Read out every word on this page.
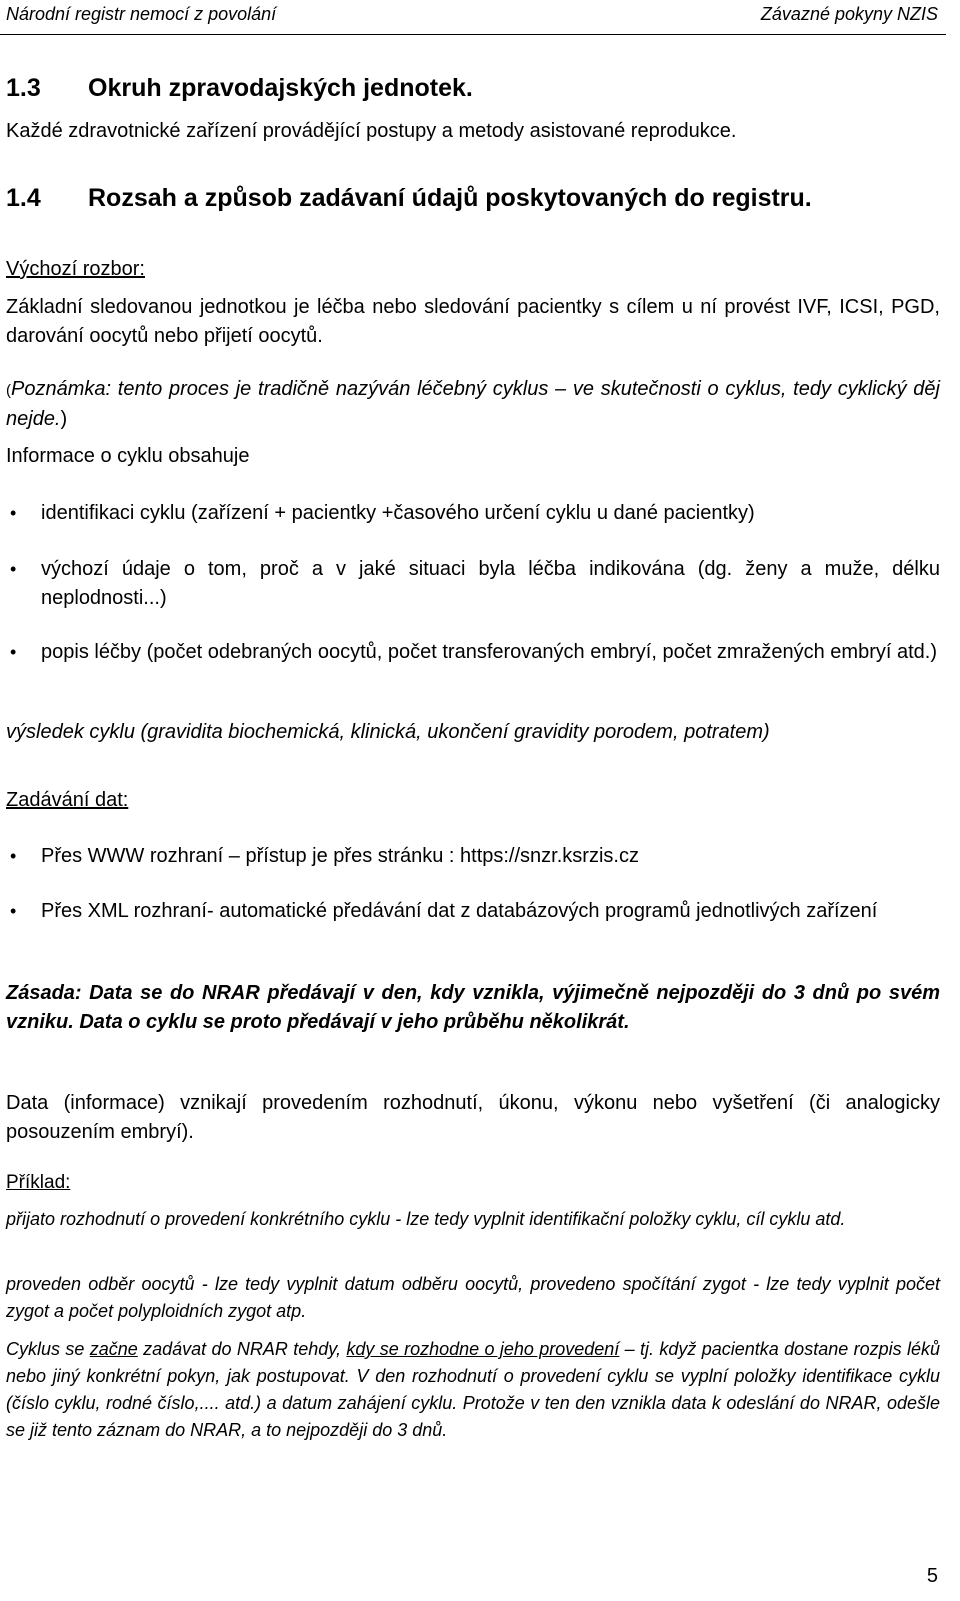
Národní registr nemocí z povolání	Závazné pokyny NZIS
1.3 Okruh zpravodajských jednotek.
Každé zdravotnické zařízení provádějící postupy a metody asistované reprodukce.
1.4 Rozsah a způsob zadávaní údajů poskytovaných do registru.
Výchozí rozbor:
Základní sledovanou jednotkou je léčba nebo sledování pacientky s cílem u ní provést IVF, ICSI, PGD, darování oocytů nebo přijetí oocytů.
(Poznámka: tento proces je tradičně nazýván léčebný cyklus – ve skutečnosti o cyklus, tedy cyklický děj nejde.)
Informace o cyklu obsahuje
• identifikaci cyklu (zařízení + pacientky +časového určení cyklu u dané pacientky)
• výchozí údaje o tom, proč a v jaké situaci byla léčba indikována (dg. ženy a muže, délku neplodnosti...)
• popis léčby (počet odebraných oocytů, počet transferovaných embryí, počet zmražených embryí atd.)
výsledek cyklu (gravidita biochemická, klinická, ukončení gravidity porodem, potratem)
Zadávání dat:
• Přes WWW rozhraní – přístup je přes stránku : https://snzr.ksrzis.cz
• Přes XML rozhraní- automatické předávání dat z databázových programů jednotlivých zařízení
Zásada: Data se do NRAR předávají v den, kdy vznikla, výjimečně nejpozději do 3 dnů po svém vzniku. Data o cyklu se proto předávají v jeho průběhu několikrát.
Data (informace) vznikají provedením rozhodnutí, úkonu, výkonu nebo vyšetření (či analogicky posouzením embryí).
Příklad:
přijato rozhodnutí o provedení konkrétního cyklu - lze tedy vyplnit identifikační položky cyklu, cíl cyklu atd.
proveden odběr oocytů - lze tedy vyplnit datum odběru oocytů, provedeno spočítání zygot - lze tedy vyplnit počet zygot a počet polyploidních zygot atp.
Cyklus se začne zadávat do NRAR tehdy, kdy se rozhodne o jeho provedení – tj. když pacientka dostane rozpis léků nebo jiný konkrétní pokyn, jak postupovat. V den rozhodnutí o provedení cyklu se vyplní položky identifikace cyklu (číslo cyklu, rodné číslo,.... atd.) a datum zahájení cyklu. Protože v ten den vznikla data k odeslání do NRAR, odešle se již tento záznam do NRAR, a to nejpozději do 3 dnů.
5
